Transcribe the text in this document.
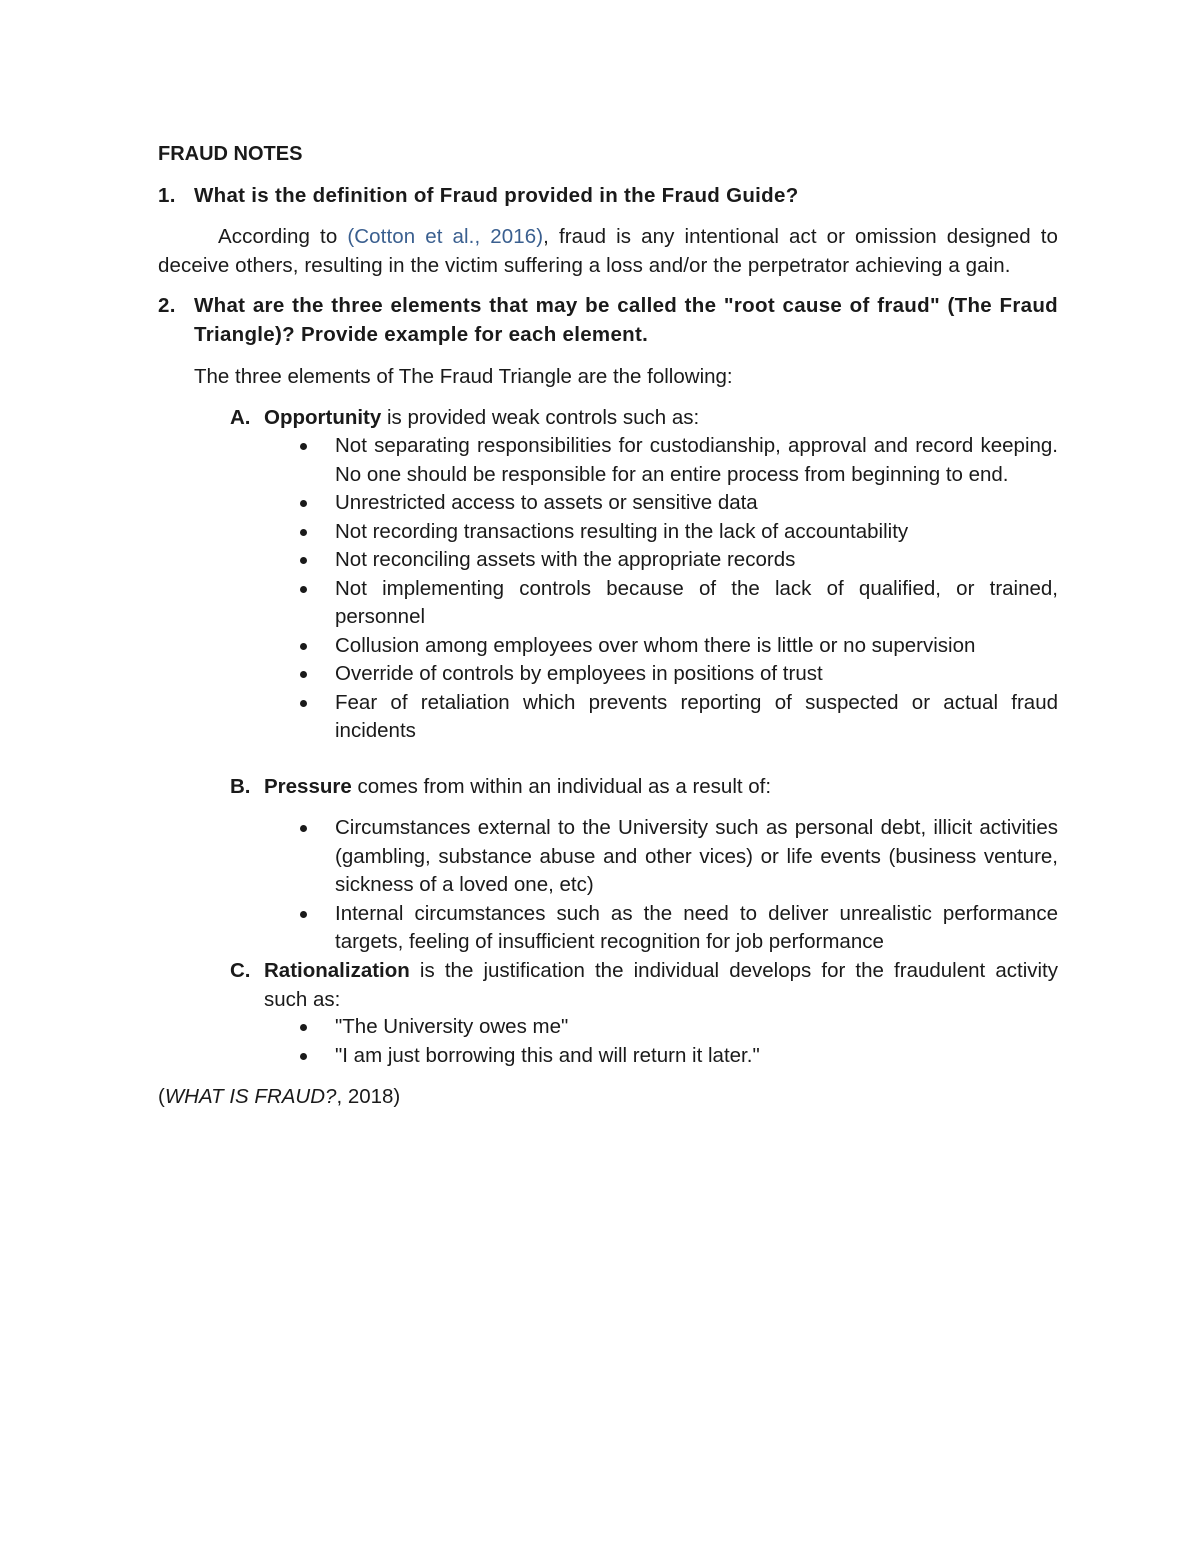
FRAUD NOTES
1. What is the definition of Fraud provided in the Fraud Guide?
According to (Cotton et al., 2016), fraud is any intentional act or omission designed to deceive others, resulting in the victim suffering a loss and/or the perpetrator achieving a gain.
2. What are the three elements that may be called the "root cause of fraud" (The Fraud Triangle)? Provide example for each element.
The three elements of The Fraud Triangle are the following:
A. Opportunity is provided weak controls such as:
Not separating responsibilities for custodianship, approval and record keeping. No one should be responsible for an entire process from beginning to end.
Unrestricted access to assets or sensitive data
Not recording transactions resulting in the lack of accountability
Not reconciling assets with the appropriate records
Not implementing controls because of the lack of qualified, or trained, personnel
Collusion among employees over whom there is little or no supervision
Override of controls by employees in positions of trust
Fear of retaliation which prevents reporting of suspected or actual fraud incidents
B. Pressure comes from within an individual as a result of:
Circumstances external to the University such as personal debt, illicit activities (gambling, substance abuse and other vices) or life events (business venture, sickness of a loved one, etc)
Internal circumstances such as the need to deliver unrealistic performance targets, feeling of insufficient recognition for job performance
C. Rationalization is the justification the individual develops for the fraudulent activity such as:
"The University owes me"
"I am just borrowing this and will return it later."
(WHAT IS FRAUD?, 2018)
